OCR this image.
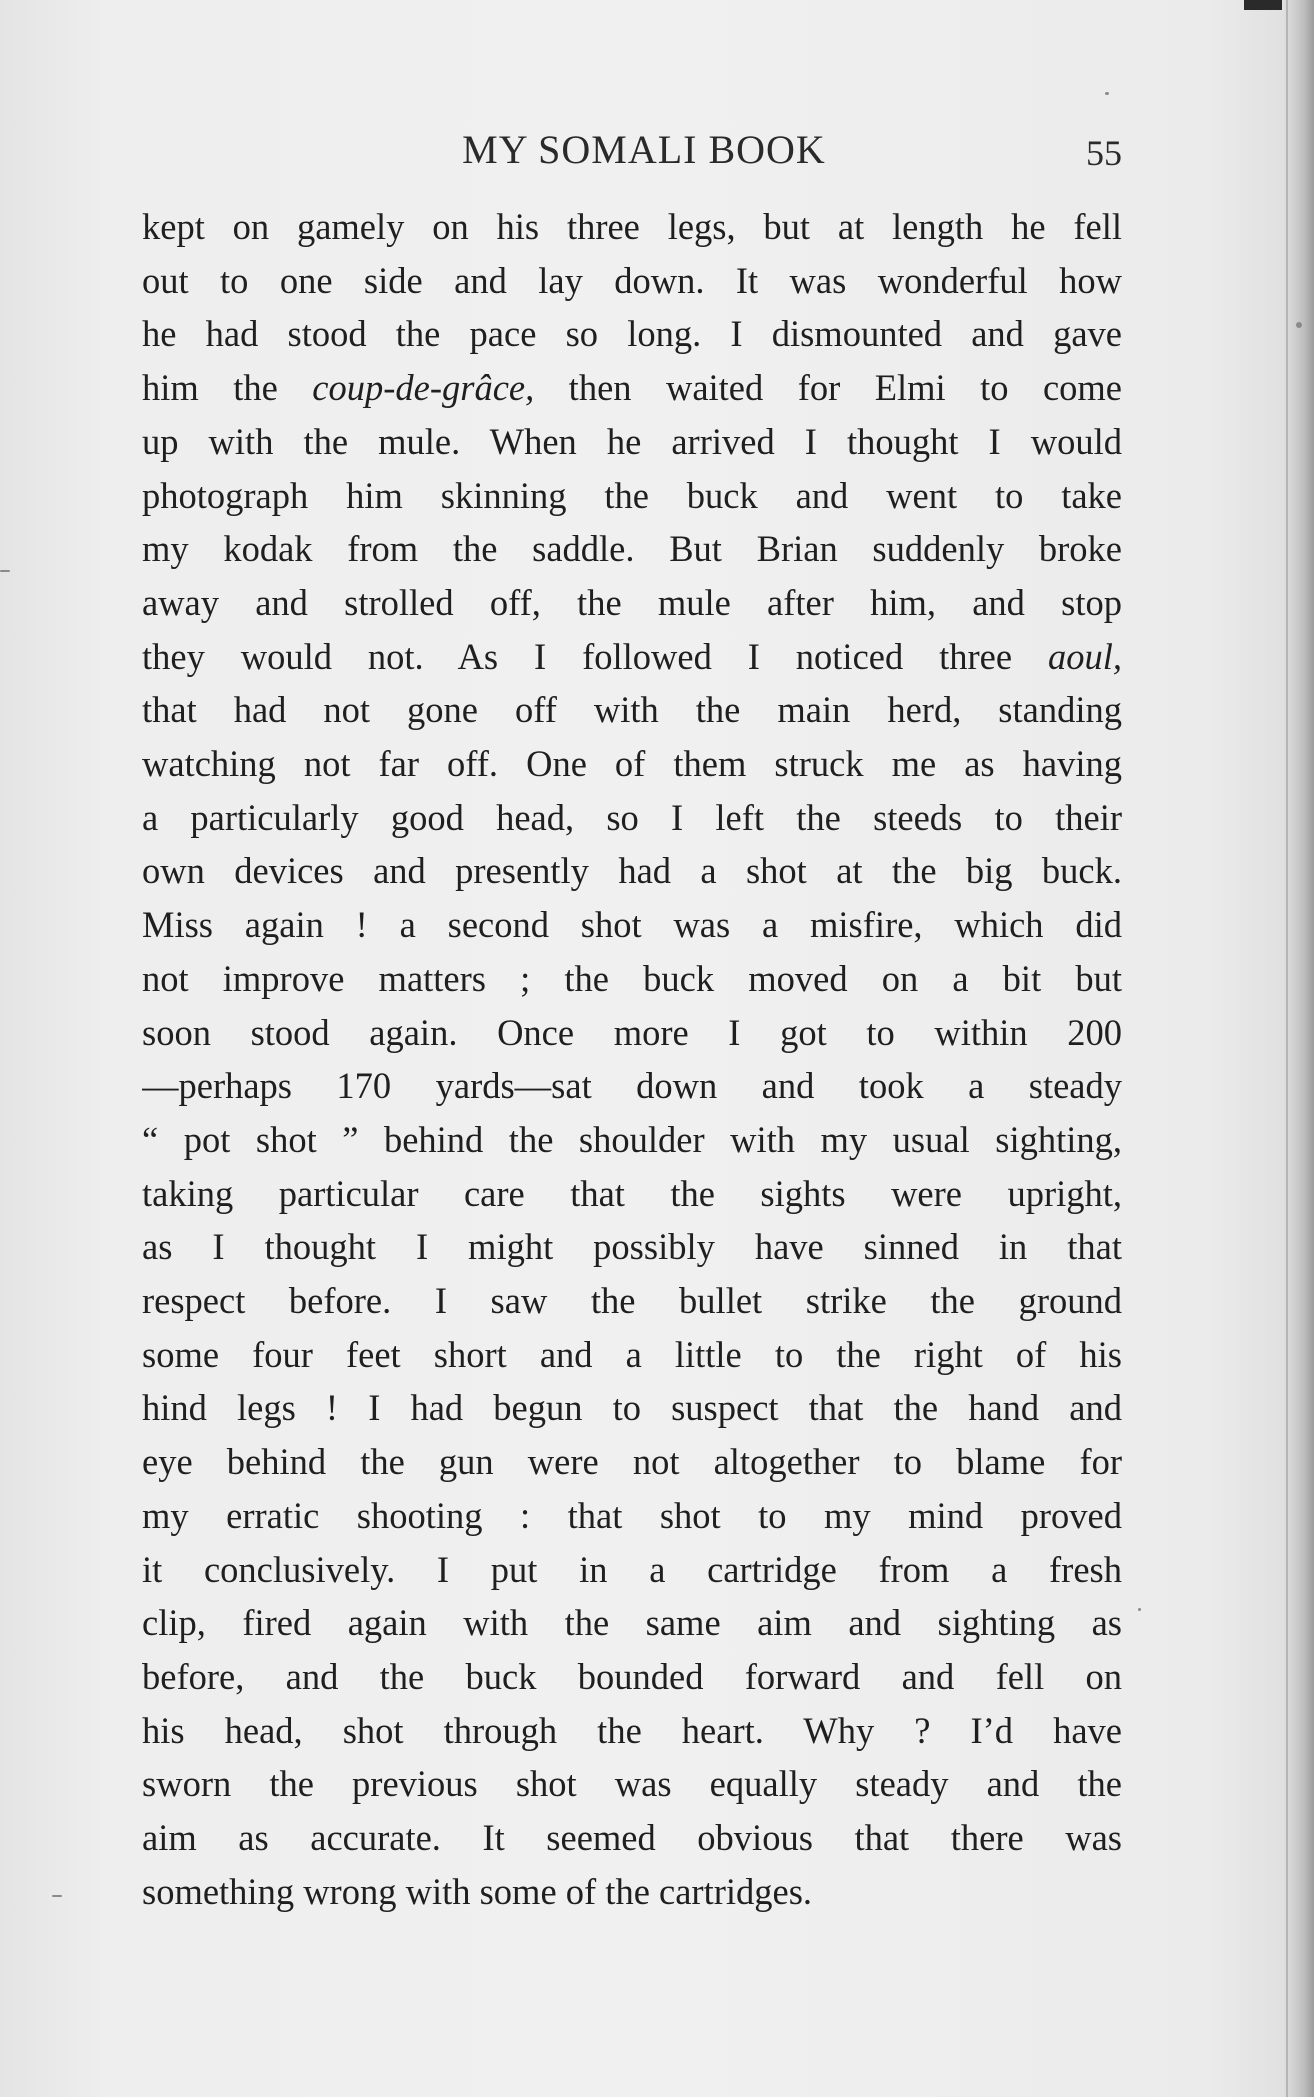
MY SOMALI BOOK	55
kept on gamely on his three legs, but at length he fell
out to one side and lay down. It was wonderful how
he had stood the pace so long. I dismounted and gave
him the coup-de-grâce, then waited for Elmi to come
up with the mule. When he arrived I thought I would
photograph him skinning the buck and went to take
my kodak from the saddle. But Brian suddenly broke
away and strolled off, the mule after him, and stop
they would not. As I followed I noticed three aoul,
that had not gone off with the main herd, standing
watching not far off. One of them struck me as having
a particularly good head, so I left the steeds to their
own devices and presently had a shot at the big buck.
Miss again ! a second shot was a misfire, which did
not improve matters ; the buck moved on a bit but
soon stood again. Once more I got to within 200
—perhaps 170 yards—sat down and took a steady
“ pot shot ” behind the shoulder with my usual sighting,
taking particular care that the sights were upright,
as I thought I might possibly have sinned in that
respect before. I saw the bullet strike the ground
some four feet short and a little to the right of his
hind legs ! I had begun to suspect that the hand and
eye behind the gun were not altogether to blame for
my erratic shooting : that shot to my mind proved
it conclusively. I put in a cartridge from a fresh
clip, fired again with the same aim and sighting as
before, and the buck bounded forward and fell on
his head, shot through the heart. Why ? I’d have
sworn the previous shot was equally steady and the
aim as accurate. It seemed obvious that there was
something wrong with some of the cartridges.
